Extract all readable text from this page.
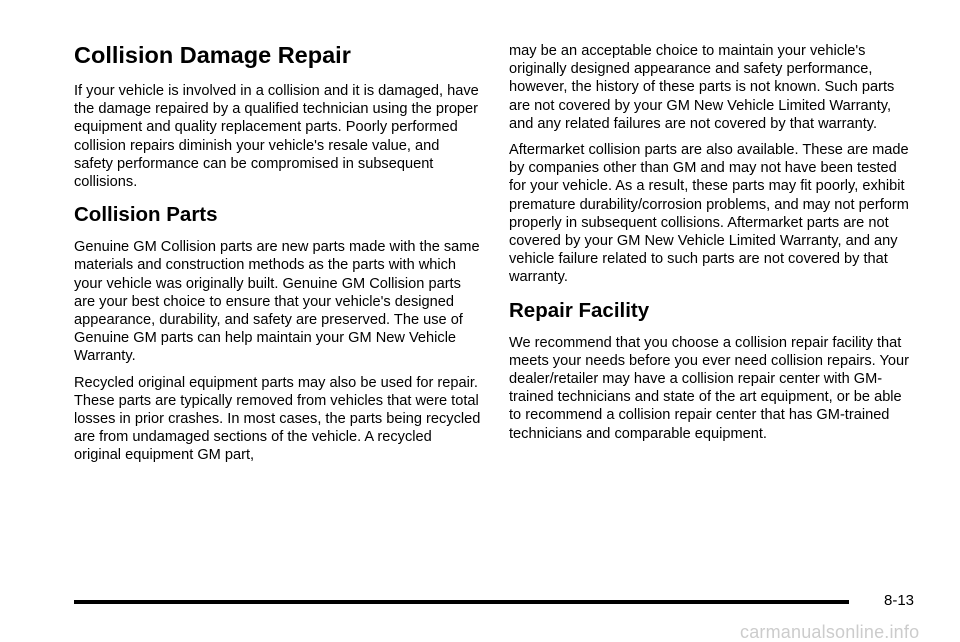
Collision Damage Repair

If your vehicle is involved in a collision and it is damaged, have the damage repaired by a qualified technician using the proper equipment and quality replacement parts. Poorly performed collision repairs diminish your vehicle's resale value, and safety performance can be compromised in subsequent collisions.

Collision Parts

Genuine GM Collision parts are new parts made with the same materials and construction methods as the parts with which your vehicle was originally built. Genuine GM Collision parts are your best choice to ensure that your vehicle's designed appearance, durability, and safety are preserved. The use of Genuine GM parts can help maintain your GM New Vehicle Warranty.

Recycled original equipment parts may also be used for repair. These parts are typically removed from vehicles that were total losses in prior crashes. In most cases, the parts being recycled are from undamaged sections of the vehicle. A recycled original equipment GM part,

may be an acceptable choice to maintain your vehicle's originally designed appearance and safety performance, however, the history of these parts is not known. Such parts are not covered by your GM New Vehicle Limited Warranty, and any related failures are not covered by that warranty.

Aftermarket collision parts are also available. These are made by companies other than GM and may not have been tested for your vehicle. As a result, these parts may fit poorly, exhibit premature durability/corrosion problems, and may not perform properly in subsequent collisions. Aftermarket parts are not covered by your GM New Vehicle Limited Warranty, and any vehicle failure related to such parts are not covered by that warranty.

Repair Facility

We recommend that you choose a collision repair facility that meets your needs before you ever need collision repairs. Your dealer/retailer may have a collision repair center with GM-trained technicians and state of the art equipment, or be able to recommend a collision repair center that has GM-trained technicians and comparable equipment.

8-13
carmanualsonline.info
